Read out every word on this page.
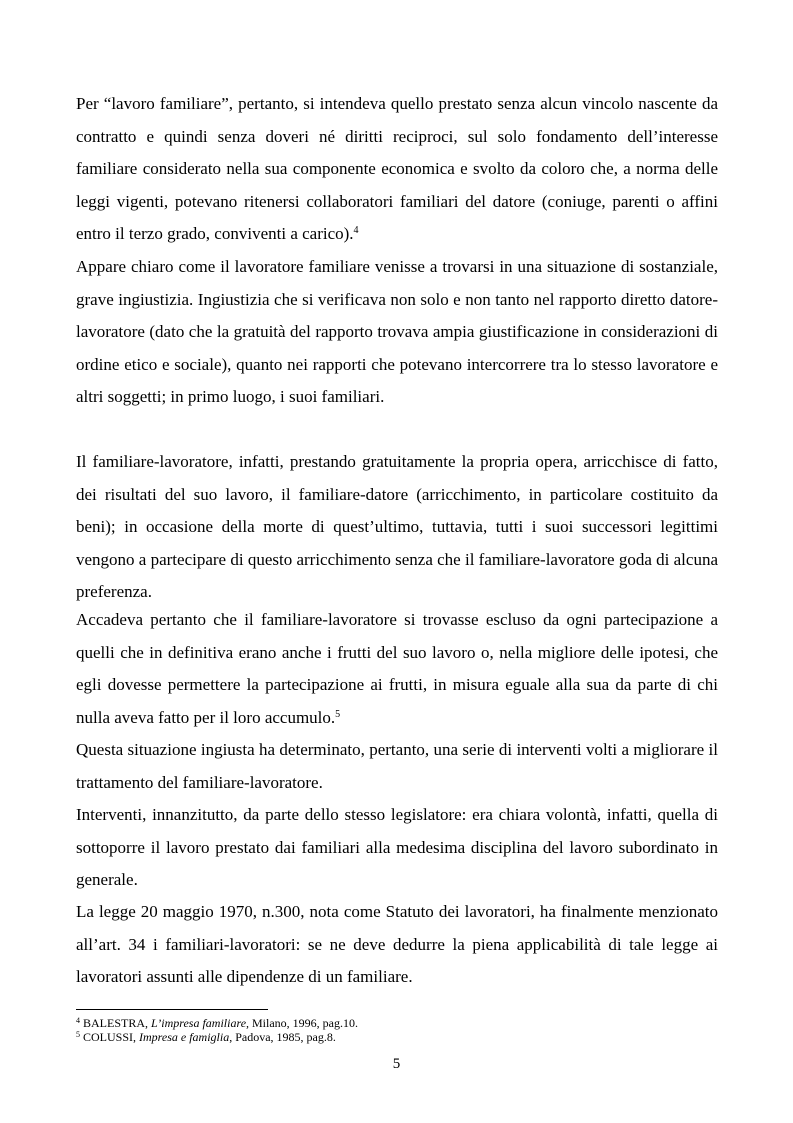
Per “lavoro familiare”, pertanto, si intendeva quello prestato senza alcun vincolo nascente da contratto e quindi senza doveri né diritti reciproci, sul solo fondamento dell’interesse familiare considerato nella sua componente economica e svolto da coloro che, a norma delle leggi vigenti, potevano ritenersi collaboratori familiari del datore (coniuge, parenti o affini entro il terzo grado, conviventi a carico).$^4$

Appare chiaro come il lavoratore familiare venisse a trovarsi in una situazione di sostanziale, grave ingiustizia. Ingiustizia che si verificava non solo e non tanto nel rapporto diretto datore-lavoratore (dato che la gratuità del rapporto trovava ampia giustificazione in considerazioni di ordine etico e sociale), quanto nei rapporti che potevano intercorrere tra lo stesso lavoratore e altri soggetti; in primo luogo, i suoi familiari.

Il familiare-lavoratore, infatti, prestando gratuitamente la propria opera, arricchisce di fatto, dei risultati del suo lavoro, il familiare-datore (arricchimento, in particolare costituito da beni); in occasione della morte di quest’ultimo, tuttavia, tutti i suoi successori legittimi vengono a partecipare di questo arricchimento senza che il familiare-lavoratore goda di alcuna preferenza.

Accadeva pertanto che il familiare-lavoratore si trovasse escluso da ogni partecipazione a quelli che in definitiva erano anche i frutti del suo lavoro o, nella migliore delle ipotesi, che egli dovesse permettere la partecipazione ai frutti, in misura eguale alla sua da parte di chi nulla aveva fatto per il loro accumulo.$^5$

Questa situazione ingiusta ha determinato, pertanto, una serie di interventi volti a migliorare il trattamento del familiare-lavoratore.

Interventi, innanzitutto, da parte dello stesso legislatore: era chiara volontà, infatti, quella di sottoporre il lavoro prestato dai familiari alla medesima disciplina del lavoro subordinato in generale.

La legge 20 maggio 1970, n.300, nota come Statuto dei lavoratori, ha finalmente menzionato all’art. 34 i familiari-lavoratori: se ne deve dedurre la piena applicabilità di tale legge ai lavoratori assunti alle dipendenze di un familiare.

$^4$ BALESTRA, L’impresa familiare, Milano, 1996, pag.10.

$^5$ COLUSSI, Impresa e famiglia, Padova, 1985, pag.8.

5
